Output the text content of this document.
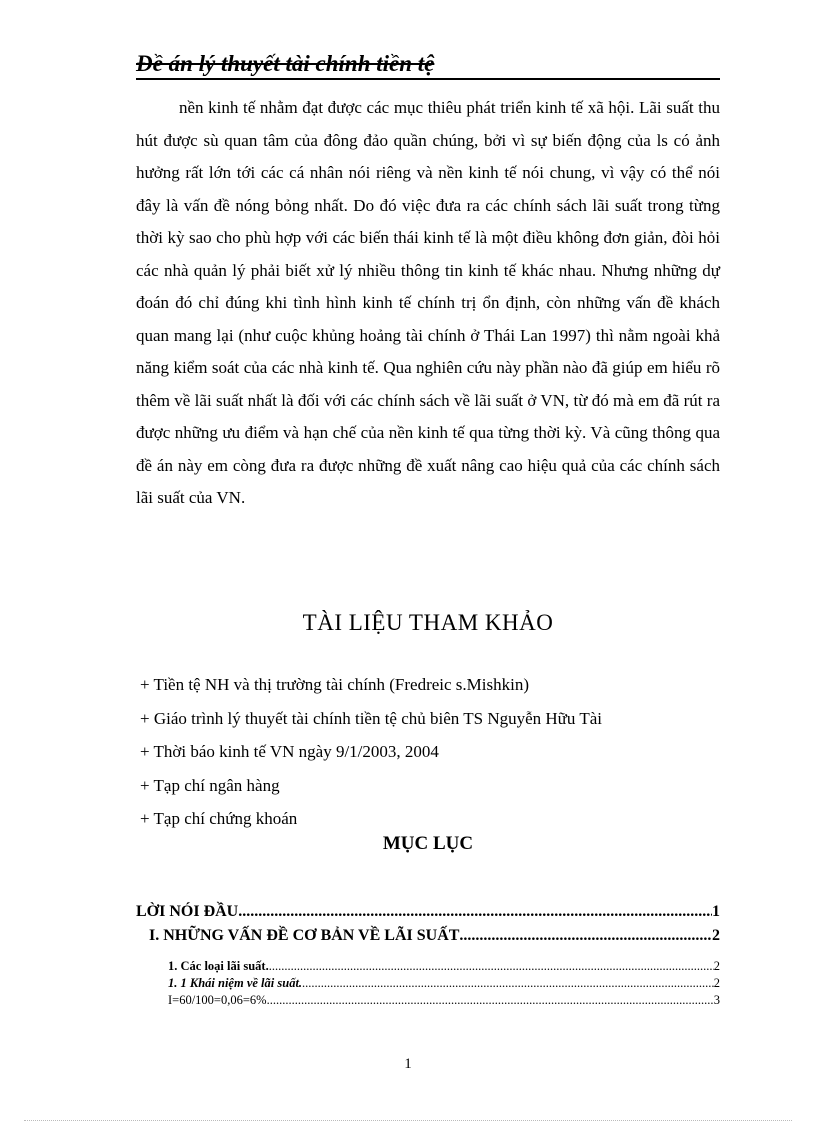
Đề án lý thuyết tài chính tiền tệ

nền kinh tế nhằm đạt được các mục thiêu phát triển kinh tế xã hội. Lãi suất thu hút được sù quan tâm của đông đảo quần chúng, bởi vì sự biến động của ls có ảnh hưởng rất lớn tới các cá nhân nói riêng và nền kinh tế nói chung, vì vậy có thể nói đây là vấn đề nóng bỏng nhất. Do đó việc đưa ra các chính sách lãi suất trong từng thời kỳ sao cho phù hợp với các biến thái kinh tế là một điều không đơn giản, đòi hỏi các nhà quản lý phải biết xử lý nhiều thông tin kinh tế khác nhau. Nhưng những dự đoán đó chỉ đúng khi tình hình kinh tế chính trị ổn định, còn những vấn đề khách quan mang lại (như cuộc khủng hoảng tài chính ở Thái Lan 1997) thì nằm ngoài khả năng kiểm soát của các nhà kinh tế. Qua nghiên cứu này phần nào đã giúp em hiểu rõ thêm về lãi suất nhất là đối với các chính sách về lãi suất ở VN, từ đó mà em đã rút ra được những ưu điểm và hạn chế của nền kinh tế qua từng thời kỳ. Và cũng thông qua đề án này em còng đưa ra được những đề xuất nâng cao hiệu quả của các chính sách lãi suất của VN.

TÀI LIỆU THAM KHẢO
+ Tiền tệ NH và thị trường tài chính (Fredreic s.Mishkin)
+ Giáo trình lý thuyết tài chính tiền tệ chủ biên TS Nguyễn Hữu Tài
+ Thời báo kinh tế VN ngày 9/1/2003, 2004
+ Tạp chí ngân hàng
+ Tạp chí chứng khoán
MỤC LỤC
LỜI NÓI ĐẦU .....	1
I. NHỮNG VẤN ĐỀ CƠ BẢN VỀ LÃI SUẤT .....	2
1. Các loại lãi suất. .....	2
1. 1 Khái niệm về lãi suất. .....	2
I=60/100=0,06=6% .....	3
1
